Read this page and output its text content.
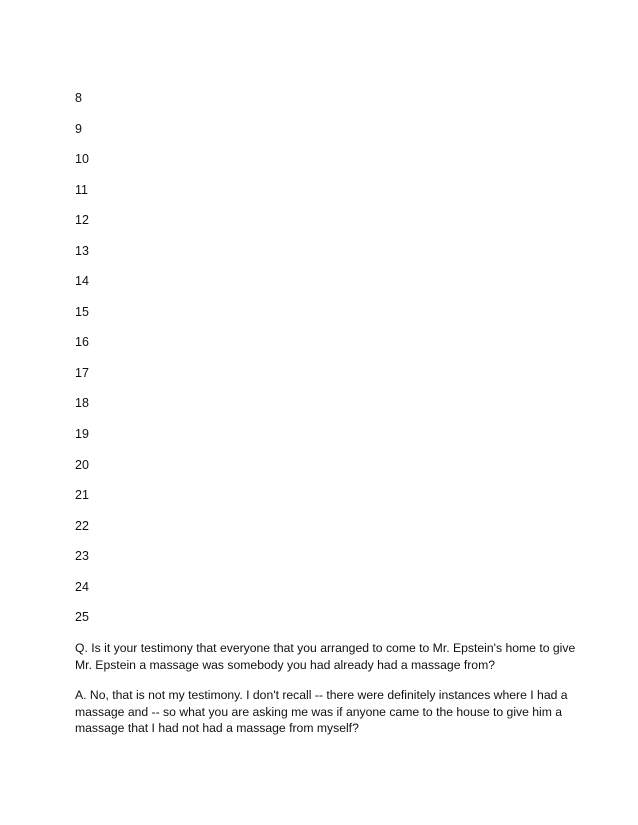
8
9
10
11
12
13
14
15
16
17
18
19
20
21
22
23
24
25

Q. Is it your testimony that everyone that you arranged to come to Mr. Epstein's home to give
Mr. Epstein a massage was somebody you had already had a massage from?

A. No, that is not my testimony. I don't recall -- there were definitely instances where I had a
massage and -- so what you are asking me was if anyone came to the house to give him a
massage that I had not had a massage from myself?
